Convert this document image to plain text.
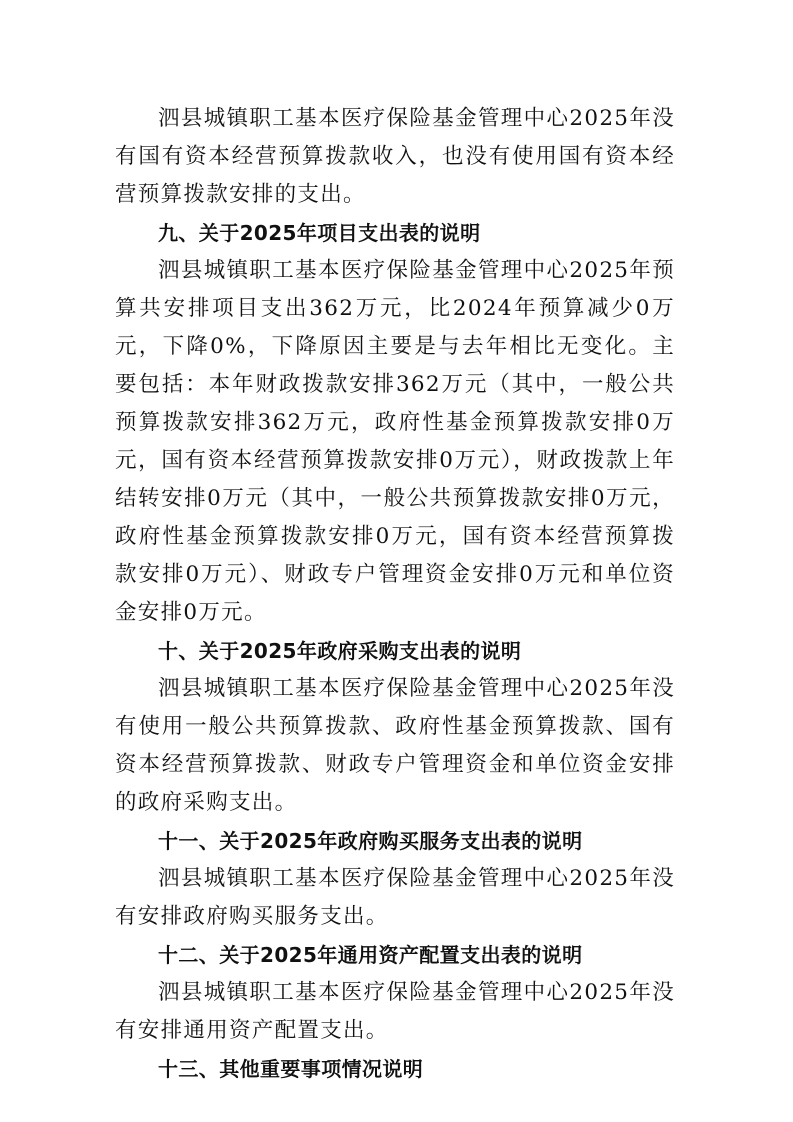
泗县城镇职工基本医疗保险基金管理中心2025年没有国有资本经营预算拨款收入，也没有使用国有资本经营预算拨款安排的支出。

九、关于2025年项目支出表的说明

泗县城镇职工基本医疗保险基金管理中心2025年预算共安排项目支出362万元，比2024年预算减少0万元，下降0%，下降原因主要是与去年相比无变化。主要包括：本年财政拨款安排362万元（其中，一般公共预算拨款安排362万元，政府性基金预算拨款安排0万元，国有资本经营预算拨款安排0万元），财政拨款上年结转安排0万元（其中，一般公共预算拨款安排0万元，政府性基金预算拨款安排0万元，国有资本经营预算拨款安排0万元）、财政专户管理资金安排0万元和单位资金安排0万元。

十、关于2025年政府采购支出表的说明

泗县城镇职工基本医疗保险基金管理中心2025年没有使用一般公共预算拨款、政府性基金预算拨款、国有资本经营预算拨款、财政专户管理资金和单位资金安排的政府采购支出。

十一、关于2025年政府购买服务支出表的说明

泗县城镇职工基本医疗保险基金管理中心2025年没有安排政府购买服务支出。

十二、关于2025年通用资产配置支出表的说明

泗县城镇职工基本医疗保险基金管理中心2025年没有安排通用资产配置支出。

十三、其他重要事项情况说明
